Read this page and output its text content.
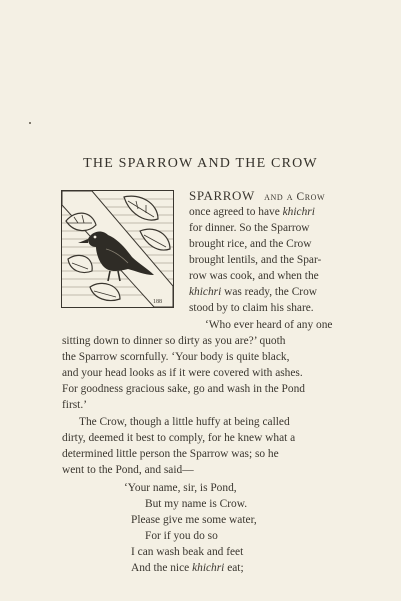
THE SPARROW AND THE CROW
188
SPARROW and a Crow
once agreed to have khichri
for dinner. So the Sparrow
brought rice, and the Crow
brought lentils, and the Spar-
row was cook, and when the
khichri was ready, the Crow
stood by to claim his share.
‘Who ever heard of any one
sitting down to dinner so dirty as you are?’ quoth
the Sparrow scornfully. ‘Your body is quite black,
and your head looks as if it were covered with ashes.
For goodness gracious sake, go and wash in the Pond
first.’
The Crow, though a little huffy at being called
dirty, deemed it best to comply, for he knew what a
determined little person the Sparrow was; so he
went to the Pond, and said—
‘Your name, sir, is Pond,
But my name is Crow.
Please give me some water,
For if you do so
I can wash beak and feet
And the nice khichri eat;
